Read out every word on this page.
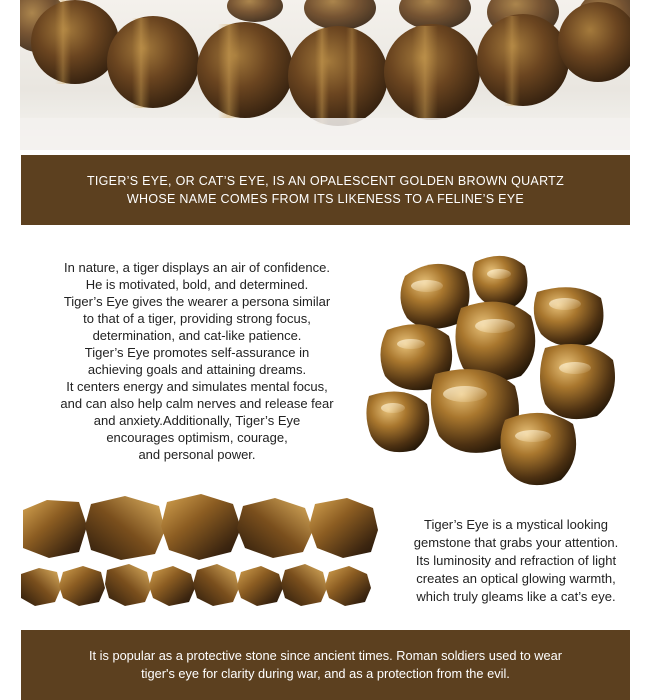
TIGER’S EYE, OR CAT’S EYE, IS AN OPALESCENT GOLDEN BROWN QUARTZ
WHOSE NAME COMES FROM ITS LIKENESS TO A FELINE’S EYE
In nature, a tiger displays an air of confidence.
He is motivated, bold, and determined.
Tiger’s Eye gives the wearer a persona similar
to that of a tiger, providing strong focus,
determination, and cat-like patience.
Tiger’s Eye promotes self-assurance in
achieving goals and attaining dreams.
It centers energy and simulates mental focus,
and can also help calm nerves and release fear
and anxiety.Additionally, Tiger’s Eye
encourages optimism, courage,
and personal power.
Tiger’s Eye is a mystical looking
gemstone that grabs your attention.
Its luminosity and refraction of light
creates an optical glowing warmth,
which truly gleams like a cat’s eye.
It is popular as a protective stone since ancient times. Roman soldiers used to wear
tiger's eye for clarity during war, and as a protection from the evil.
